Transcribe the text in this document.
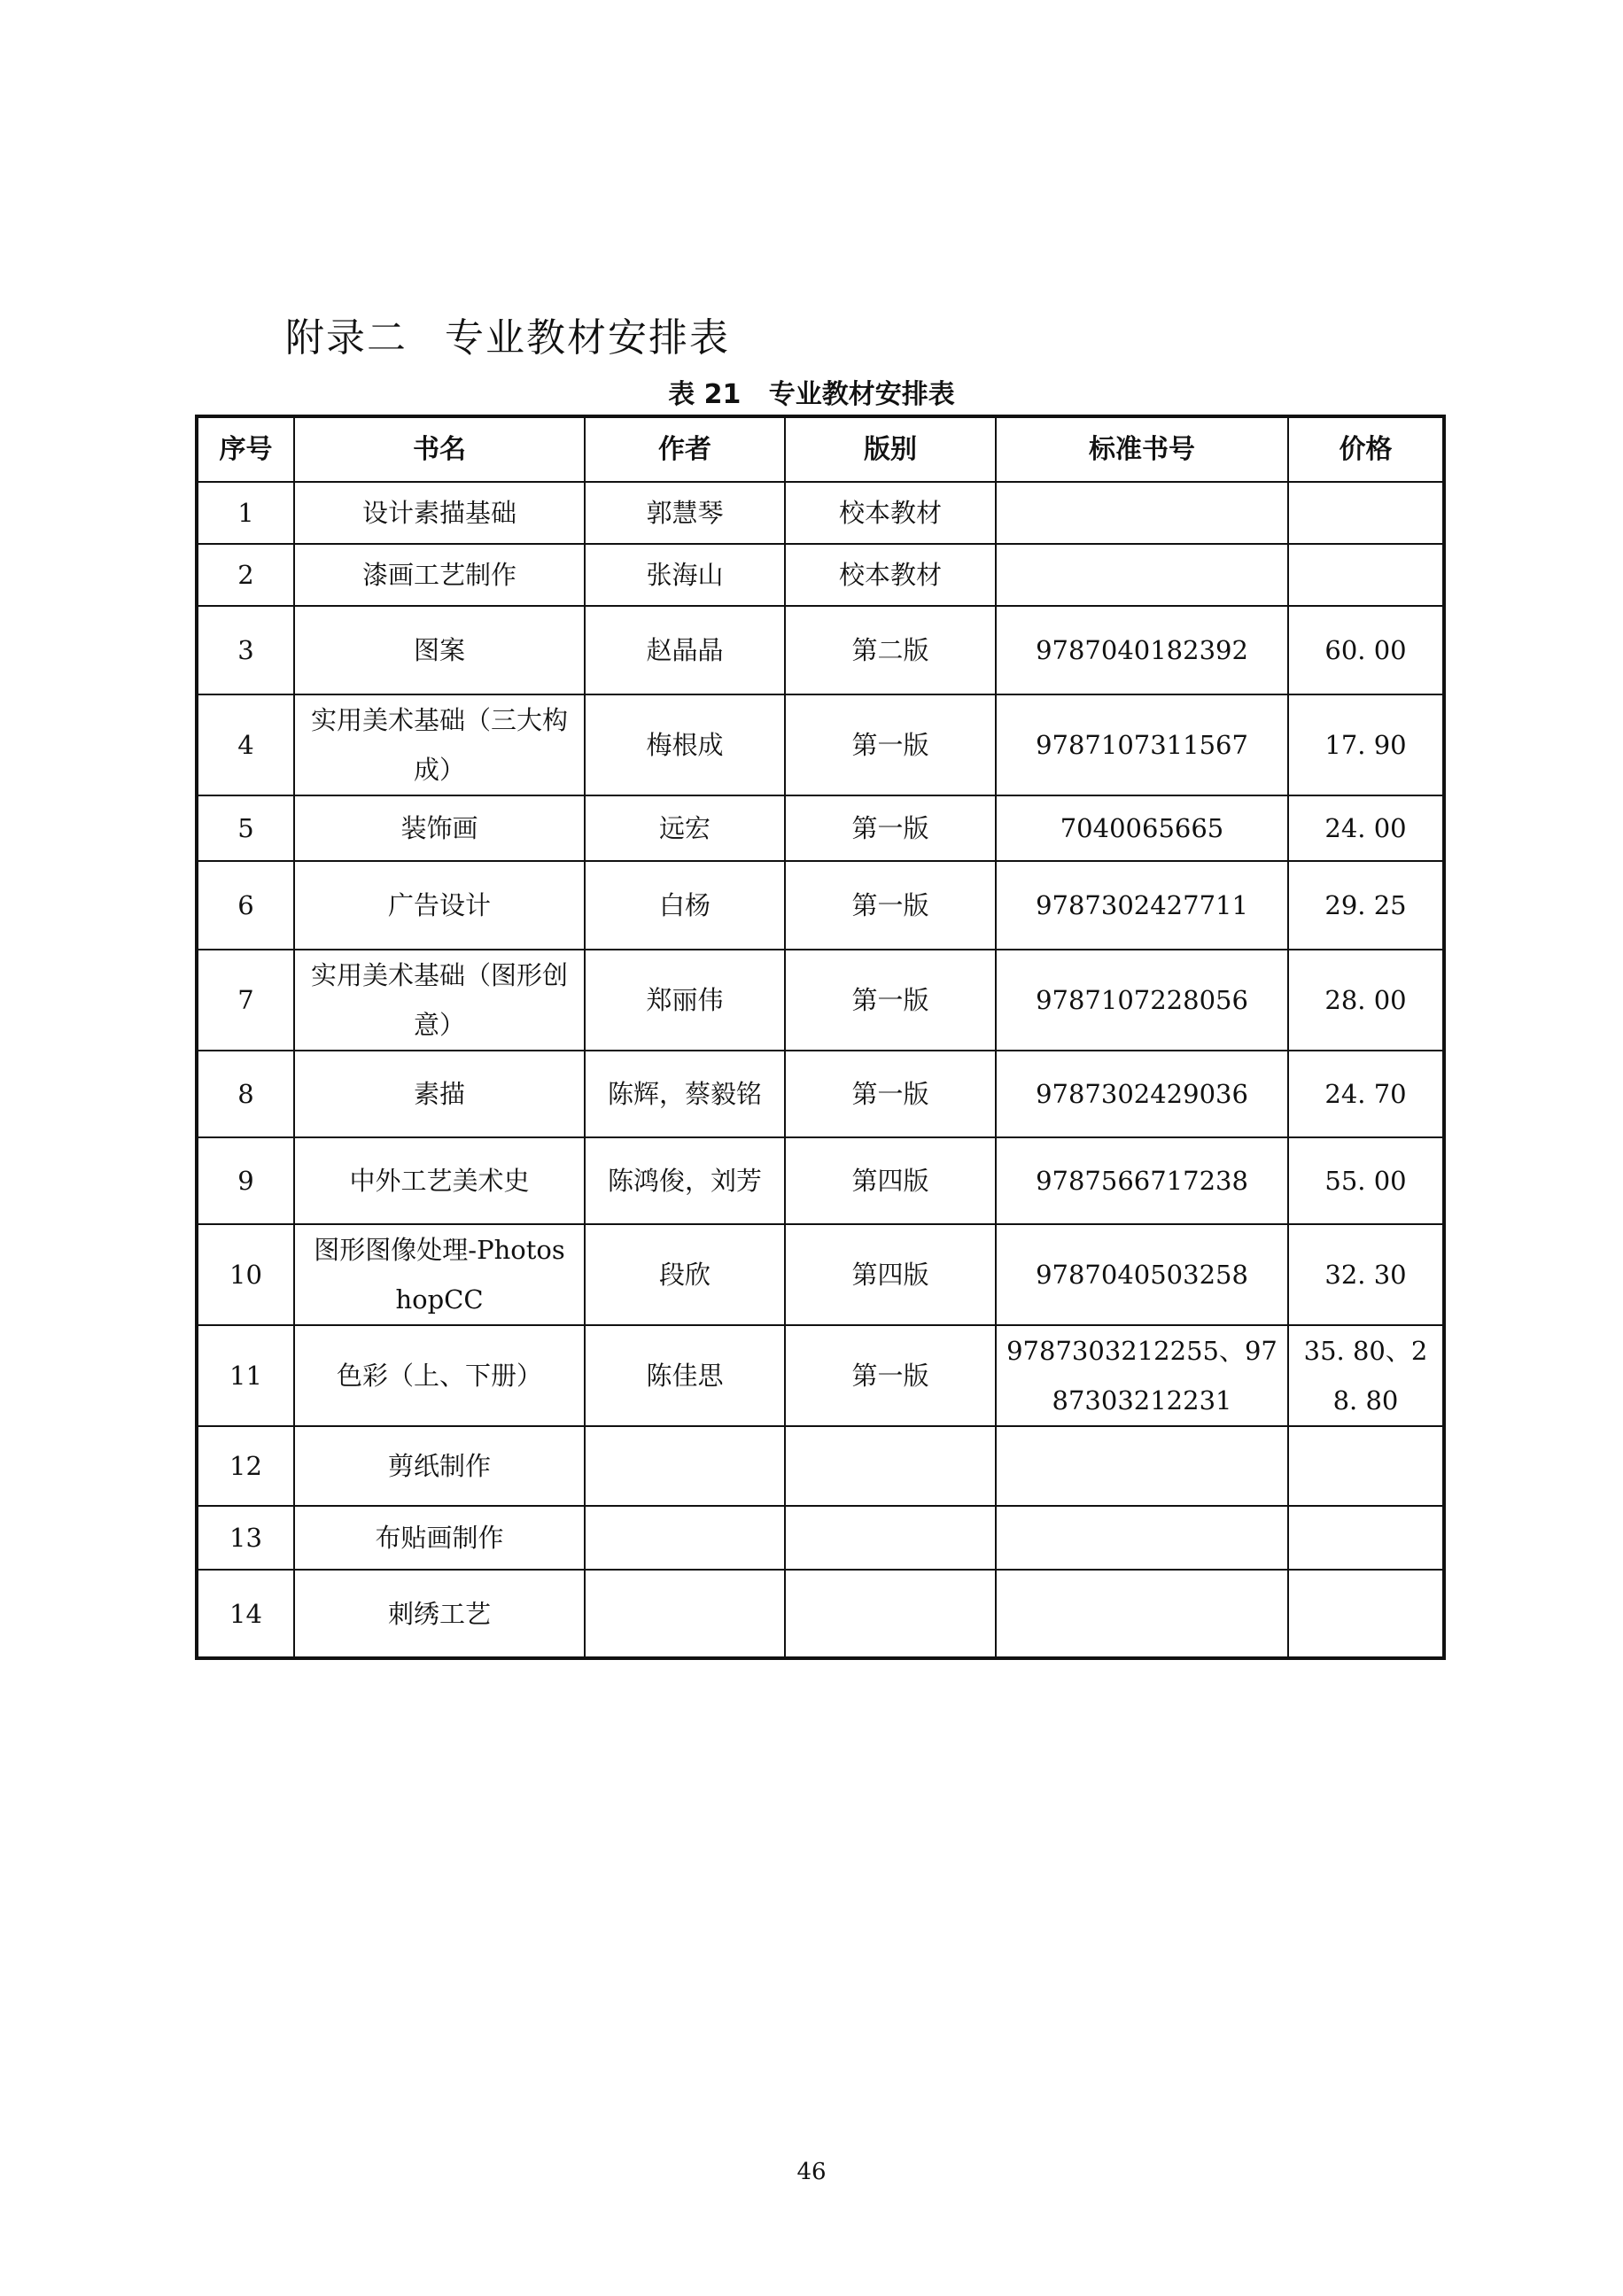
附录二 专业教材安排表
表 21   专业教材安排表
序号	书名	作者	版别	标准书号	价格
1	设计素描基础	郭慧琴	校本教材		
2	漆画工艺制作	张海山	校本教材		
3	图案	赵晶晶	第二版	9787040182392	60. 00
4	实用美术基础（三大构成）	梅根成	第一版	9787107311567	17. 90
5	装饰画	远宏	第一版	7040065665	24. 00
6	广告设计	白杨	第一版	9787302427711	29. 25
7	实用美术基础（图形创意）	郑丽伟	第一版	9787107228056	28. 00
8	素描	陈辉，蔡毅铭	第一版	9787302429036	24. 70
9	中外工艺美术史	陈鸿俊，刘芳	第四版	9787566717238	55. 00
10	图形图像处理-PhotoshopCC	段欣	第四版	9787040503258	32. 30
11	色彩（上、下册）	陈佳思	第一版	9787303212255、9787303212231	35. 80、28. 80
12	剪纸制作				
13	布贴画制作				
14	刺绣工艺				
46
